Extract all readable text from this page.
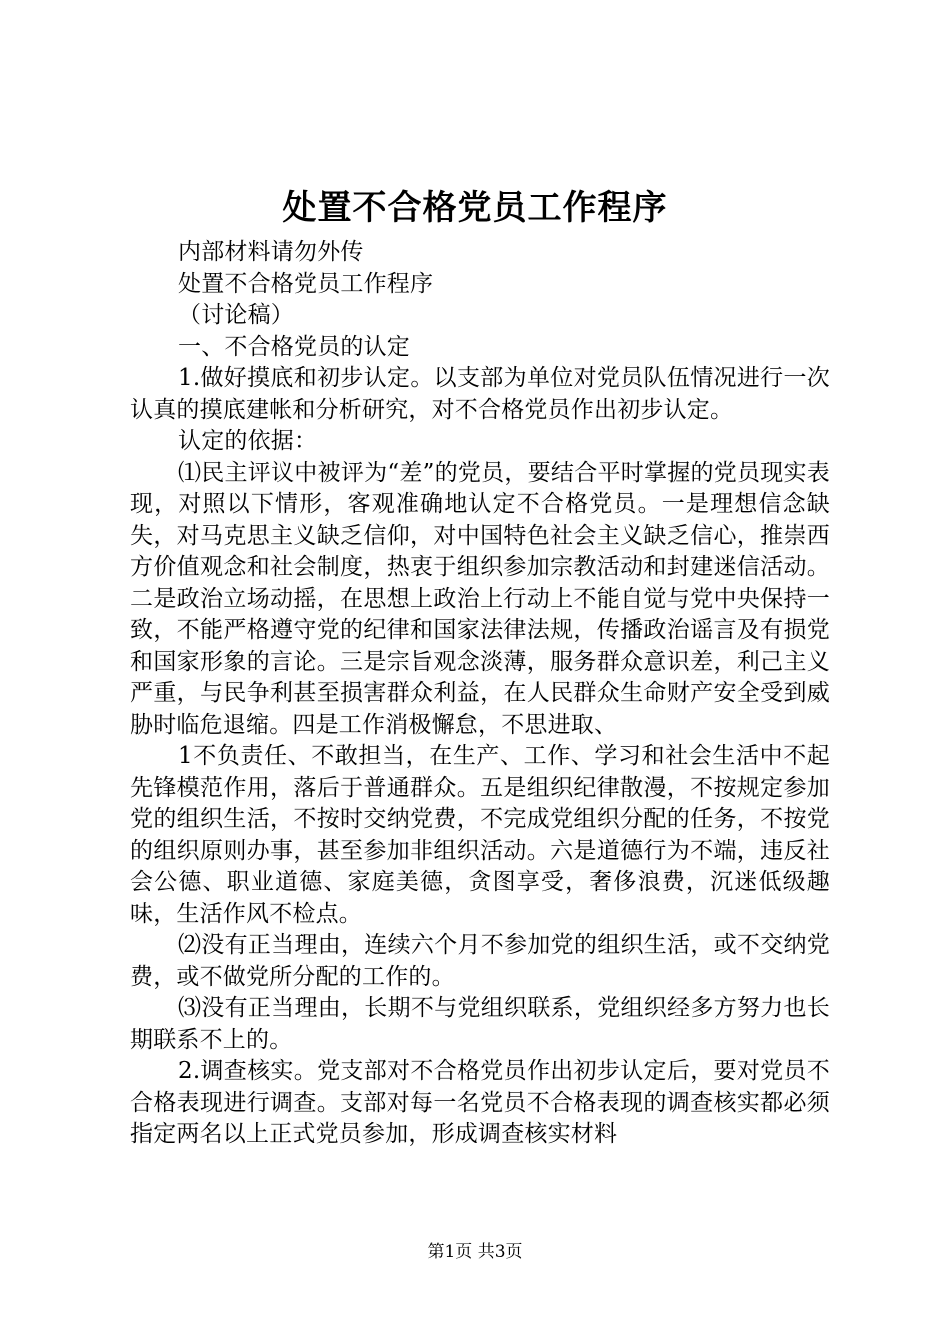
处置不合格党员工作程序

内部材料请勿外传

处置不合格党员工作程序

（讨论稿）

一、不合格党员的认定

1.做好摸底和初步认定。以支部为单位对党员队伍情况进行一次认真的摸底建帐和分析研究，对不合格党员作出初步认定。

认定的依据：

⑴民主评议中被评为“差”的党员，要结合平时掌握的党员现实表现，对照以下情形，客观准确地认定不合格党员。一是理想信念缺失，对马克思主义缺乏信仰，对中国特色社会主义缺乏信心，推崇西方价值观念和社会制度，热衷于组织参加宗教活动和封建迷信活动。二是政治立场动摇，在思想上政治上行动上不能自觉与党中央保持一致，不能严格遵守党的纪律和国家法律法规，传播政治谣言及有损党和国家形象的言论。三是宗旨观念淡薄，服务群众意识差，利己主义严重，与民争利甚至损害群众利益，在人民群众生命财产安全受到威胁时临危退缩。四是工作消极懈怠，不思进取、

1不负责任、不敢担当，在生产、工作、学习和社会生活中不起先锋模范作用，落后于普通群众。五是组织纪律散漫，不按规定参加党的组织生活，不按时交纳党费，不完成党组织分配的任务，不按党的组织原则办事，甚至参加非组织活动。六是道德行为不端，违反社会公德、职业道德、家庭美德，贪图享受，奢侈浪费，沉迷低级趣味，生活作风不检点。

⑵没有正当理由，连续六个月不参加党的组织生活，或不交纳党费，或不做党所分配的工作的。

⑶没有正当理由，长期不与党组织联系，党组织经多方努力也长期联系不上的。

2.调查核实。党支部对不合格党员作出初步认定后，要对党员不合格表现进行调查。支部对每一名党员不合格表现的调查核实都必须指定两名以上正式党员参加，形成调查核实材料

第1页 共3页
